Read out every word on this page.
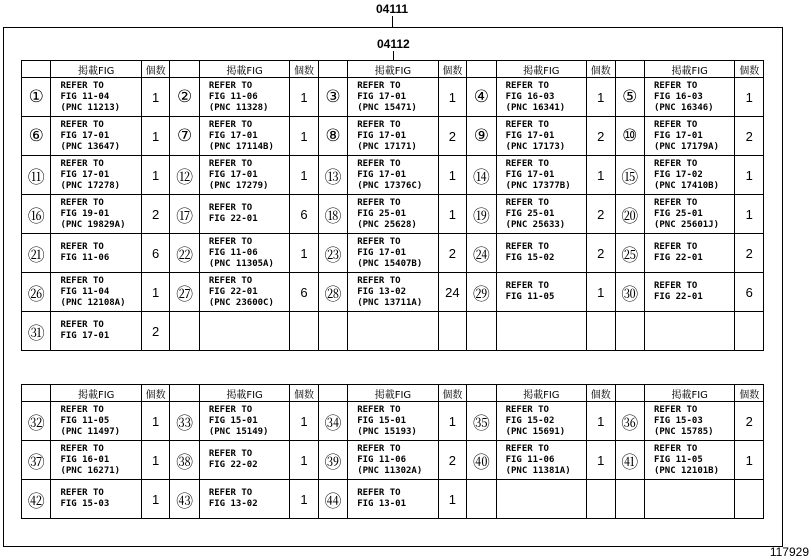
04111
04112
	掲載FIG	個数		掲載FIG	個数		掲載FIG	個数		掲載FIG	個数		掲載FIG	個数
①	REFER TO
FIG 11-04
(PNC 11213)	1	②	REFER TO
FIG 11-06
(PNC 11328)	1	③	REFER TO
FIG 17-01
(PNC 15471)	1	④	REFER TO
FIG 16-03
(PNC 16341)	1	⑤	REFER TO
FIG 16-03
(PNC 16346)	1
⑥	REFER TO
FIG 17-01
(PNC 13647)	1	⑦	REFER TO
FIG 17-01
(PNC 17114B)	1	⑧	REFER TO
FIG 17-01
(PNC 17171)	2	⑨	REFER TO
FIG 17-01
(PNC 17173)	2	⑩	REFER TO
FIG 17-01
(PNC 17179A)	2
⑪	REFER TO
FIG 17-01
(PNC 17278)	1	⑫	REFER TO
FIG 17-01
(PNC 17279)	1	⑬	REFER TO
FIG 17-01
(PNC 17376C)	1	⑭	REFER TO
FIG 17-01
(PNC 17377B)	1	⑮	REFER TO
FIG 17-02
(PNC 17410B)	1
⑯	REFER TO
FIG 19-01
(PNC 19829A)	2	⑰	REFER TO
FIG 22-01	6	⑱	REFER TO
FIG 25-01
(PNC 25628)	1	⑲	REFER TO
FIG 25-01
(PNC 25633)	2	⑳	REFER TO
FIG 25-01
(PNC 25601J)	1
㉑	REFER TO
FIG 11-06	6	㉒	REFER TO
FIG 11-06
(PNC 11305A)	1	㉓	REFER TO
FIG 17-01
(PNC 15407B)	2	㉔	REFER TO
FIG 15-02	2	㉕	REFER TO
FIG 22-01	2
㉖	REFER TO
FIG 11-04
(PNC 12108A)	1	㉗	REFER TO
FIG 22-01
(PNC 23600C)	6	㉘	REFER TO
FIG 13-02
(PNC 13711A)	24	㉙	REFER TO
FIG 11-05	1	㉚	REFER TO
FIG 22-01	6
㉛	REFER TO
FIG 17-01	2												
	掲載FIG	個数		掲載FIG	個数		掲載FIG	個数		掲載FIG	個数		掲載FIG	個数
㉜	REFER TO
FIG 11-05
(PNC 11497)	1	㉝	REFER TO
FIG 15-01
(PNC 15149)	1	㉞	REFER TO
FIG 15-01
(PNC 15193)	1	㉟	REFER TO
FIG 15-02
(PNC 15691)	1	㊱	REFER TO
FIG 15-03
(PNC 15785)	2
㊲	REFER TO
FIG 16-01
(PNC 16271)	1	㊳	REFER TO
FIG 22-02	1	㊴	REFER TO
FIG 11-06
(PNC 11302A)	2	㊵	REFER TO
FIG 11-06
(PNC 11381A)	1	㊶	REFER TO
FIG 11-05
(PNC 12101B)	1
㊷	REFER TO
FIG 15-03	1	㊸	REFER TO
FIG 13-02	1	㊹	REFER TO
FIG 13-01	1						
117929
